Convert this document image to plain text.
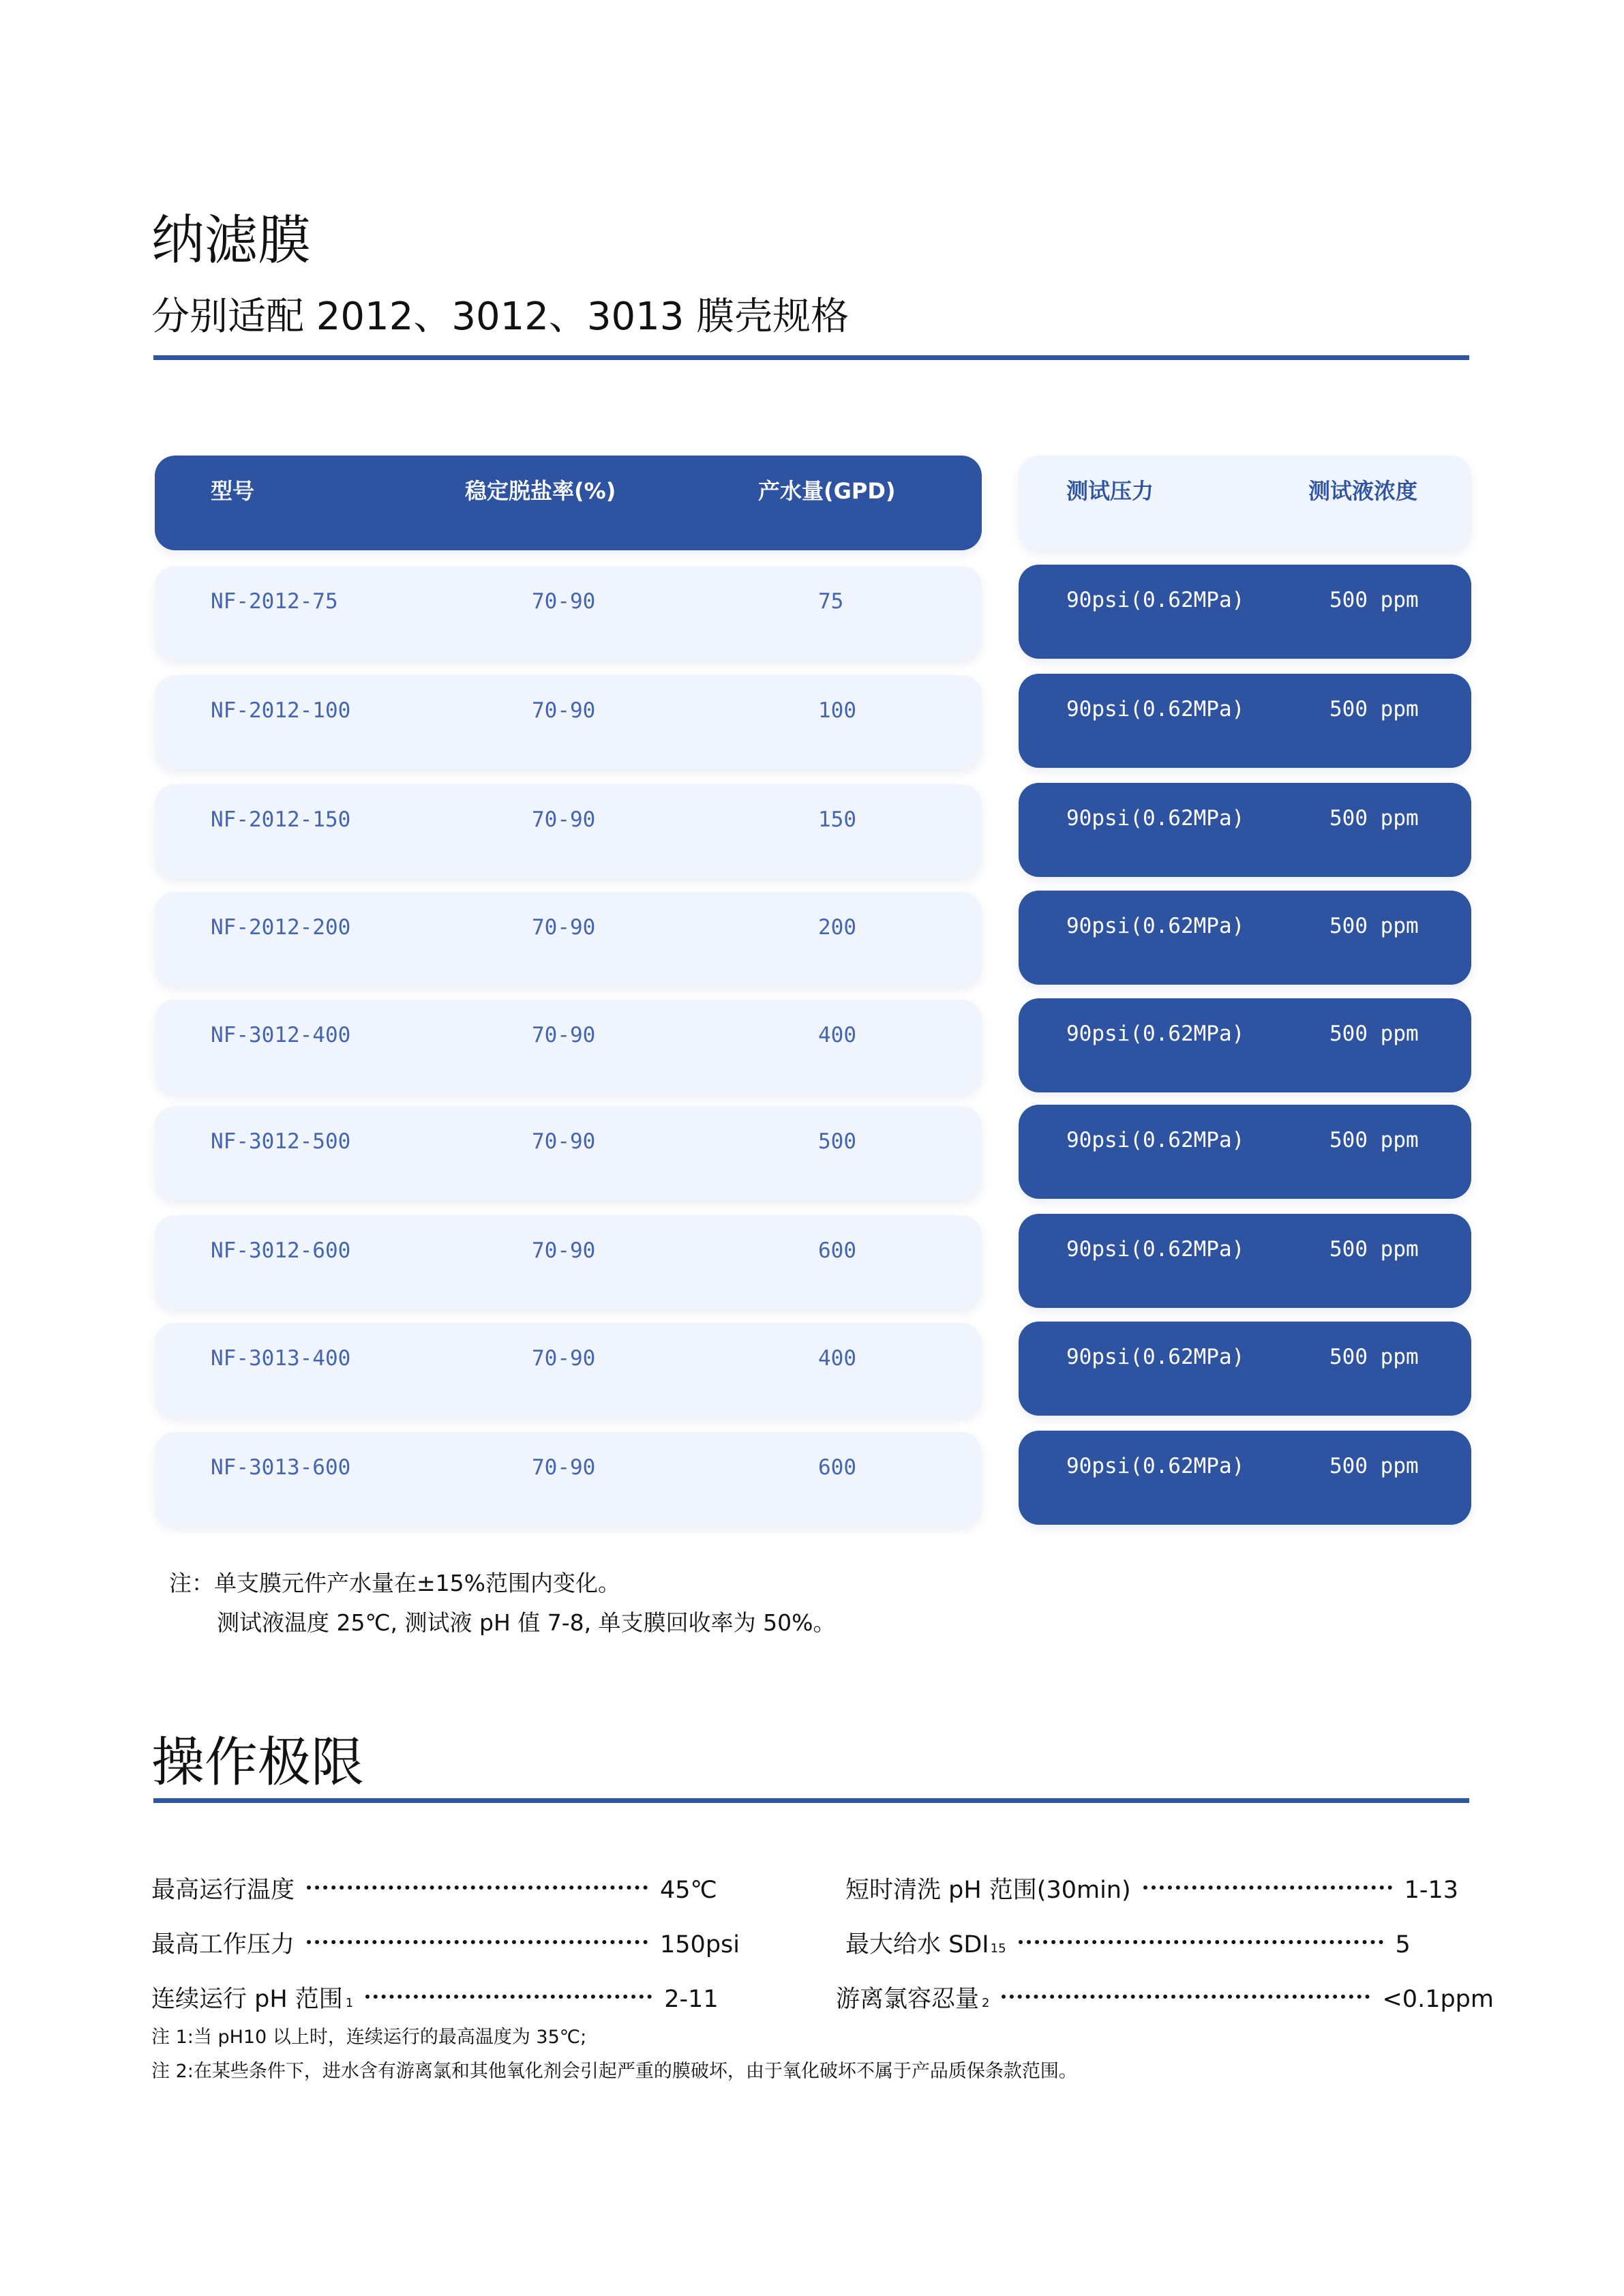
纳滤膜
分别适配 2012、3012、3013 膜壳规格
型号	稳定脱盐率(%)	产水量(GPD)	测试压力	测试液浓度
NF-2012-75	70-90	75	90psi(0.62MPa)	500 ppm
NF-2012-100	70-90	100	90psi(0.62MPa)	500 ppm
NF-2012-150	70-90	150	90psi(0.62MPa)	500 ppm
NF-2012-200	70-90	200	90psi(0.62MPa)	500 ppm
NF-3012-400	70-90	400	90psi(0.62MPa)	500 ppm
NF-3012-500	70-90	500	90psi(0.62MPa)	500 ppm
NF-3012-600	70-90	600	90psi(0.62MPa)	500 ppm
NF-3013-400	70-90	400	90psi(0.62MPa)	500 ppm
NF-3013-600	70-90	600	90psi(0.62MPa)	500 ppm
注：单支膜元件产水量在±15%范围内变化。
测试液温度 25℃, 测试液 pH 值 7-8, 单支膜回收率为 50%。
操作极限
最高运行温度	45℃
最高工作压力	150psi
连续运行 pH 范围 1	2-11
短时清洗 pH 范围(30min)	1-13
最大给水 SDI 15	5
游离氯容忍量 2	<0.1ppm
注 1:当 pH10 以上时，连续运行的最高温度为 35℃;
注 2:在某些条件下，进水含有游离氯和其他氧化剂会引起严重的膜破坏，由于氧化破坏不属于产品质保条款范围。
